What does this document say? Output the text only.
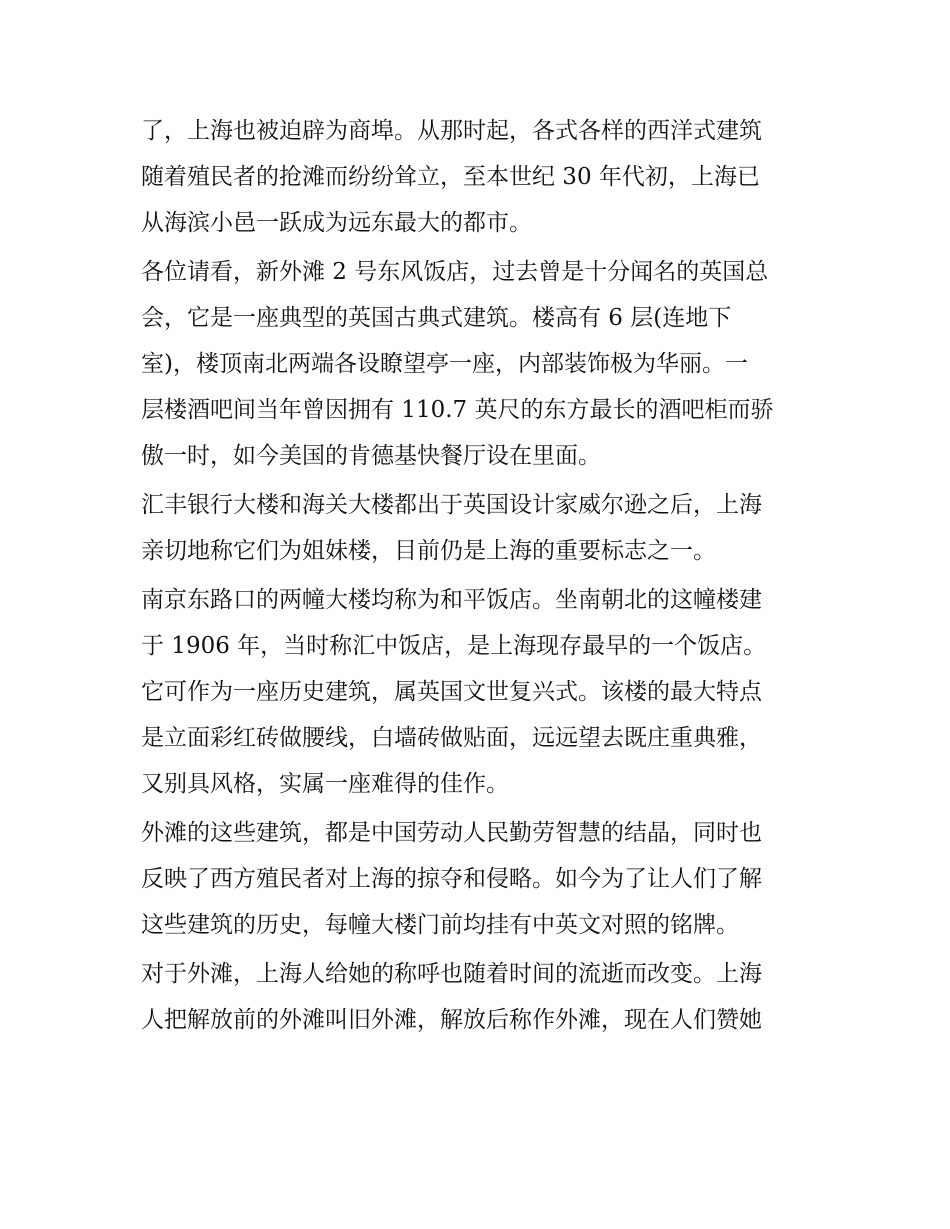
了，上海也被迫辟为商埠。从那时起，各式各样的西洋式建筑
随着殖民者的抢滩而纷纷耸立，至本世纪 30 年代初，上海已
从海滨小邑一跃成为远东最大的都市。

各位请看，新外滩 2 号东风饭店，过去曾是十分闻名的英国总
会，它是一座典型的英国古典式建筑。楼高有 6 层(连地下
室)，楼顶南北两端各设瞭望亭一座，内部装饰极为华丽。一
层楼酒吧间当年曾因拥有 110.7 英尺的东方最长的酒吧柜而骄
傲一时，如今美国的肯德基快餐厅设在里面。

汇丰银行大楼和海关大楼都出于英国设计家威尔逊之后，上海
亲切地称它们为姐妹楼，目前仍是上海的重要标志之一。

南京东路口的两幢大楼均称为和平饭店。坐南朝北的这幢楼建
于 1906 年，当时称汇中饭店，是上海现存最早的一个饭店。
它可作为一座历史建筑，属英国文世复兴式。该楼的最大特点
是立面彩红砖做腰线，白墙砖做贴面，远远望去既庄重典雅，
又别具风格，实属一座难得的佳作。

外滩的这些建筑，都是中国劳动人民勤劳智慧的结晶，同时也
反映了西方殖民者对上海的掠夺和侵略。如今为了让人们了解
这些建筑的历史，每幢大楼门前均挂有中英文对照的铭牌。

对于外滩，上海人给她的称呼也随着时间的流逝而改变。上海
人把解放前的外滩叫旧外滩，解放后称作外滩，现在人们赞她
